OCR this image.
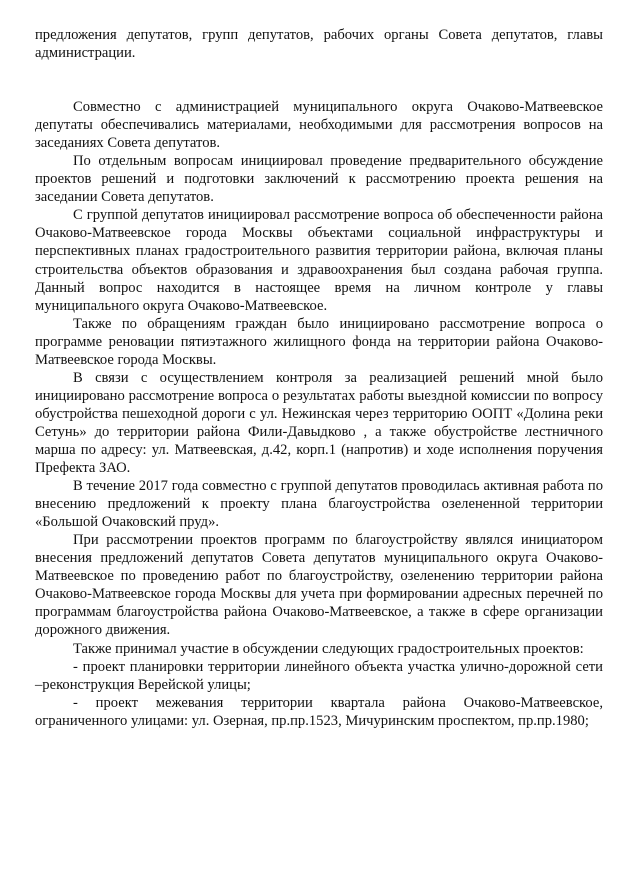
предложения депутатов, групп депутатов, рабочих органы Совета депутатов, главы администрации.

Совместно с администрацией муниципального округа Очаково-Матвеевское депутаты обеспечивались материалами, необходимыми для рассмотрения вопросов на заседаниях Совета депутатов.

По отдельным вопросам инициировал проведение предварительного обсуждение проектов решений и подготовки заключений к рассмотрению проекта решения на заседании Совета депутатов.

С группой депутатов инициировал рассмотрение вопроса об обеспеченности района Очаково-Матвеевское города Москвы объектами социальной инфраструктуры и перспективных планах градостроительного развития территории района, включая планы строительства объектов образования и здравоохранения был создана рабочая группа. Данный вопрос находится в настоящее время на личном контроле у главы муниципального округа Очаково-Матвеевское.

Также по обращениям граждан было инициировано рассмотрение вопроса о программе реновации пятиэтажного жилищного фонда на территории района Очаково-Матвеевское города Москвы.

В связи с осуществлением контроля за реализацией решений мной было инициировано рассмотрение вопроса о результатах работы выездной комиссии по вопросу обустройства пешеходной дороги с ул. Нежинская через территорию ООПТ «Долина реки Сетунь» до территории района Фили-Давыдково , а также обустройстве лестничного марша по адресу: ул. Матвеевская, д.42, корп.1 (напротив) и ходе исполнения поручения Префекта ЗАО.

В течение 2017 года совместно с группой депутатов проводилась активная работа по внесению предложений к проекту плана благоустройства озелененной территории «Большой Очаковский пруд».

При рассмотрении проектов программ по благоустройству являлся инициатором внесения предложений депутатов Совета депутатов муниципального округа Очаково-Матвеевское по проведению работ по благоустройству, озеленению территории района Очаково-Матвеевское города Москвы для учета при формировании адресных перечней по программам благоустройства района Очаково-Матвеевское, а также в сфере организации дорожного движения.

Также принимал участие в обсуждении следующих градостроительных проектов:

- проект планировки территории линейного объекта участка улично-дорожной сети –реконструкция Верейской улицы;

- проект межевания территории квартала района Очаково-Матвеевское, ограниченного улицами: ул. Озерная, пр.пр.1523, Мичуринским проспектом, пр.пр.1980;
